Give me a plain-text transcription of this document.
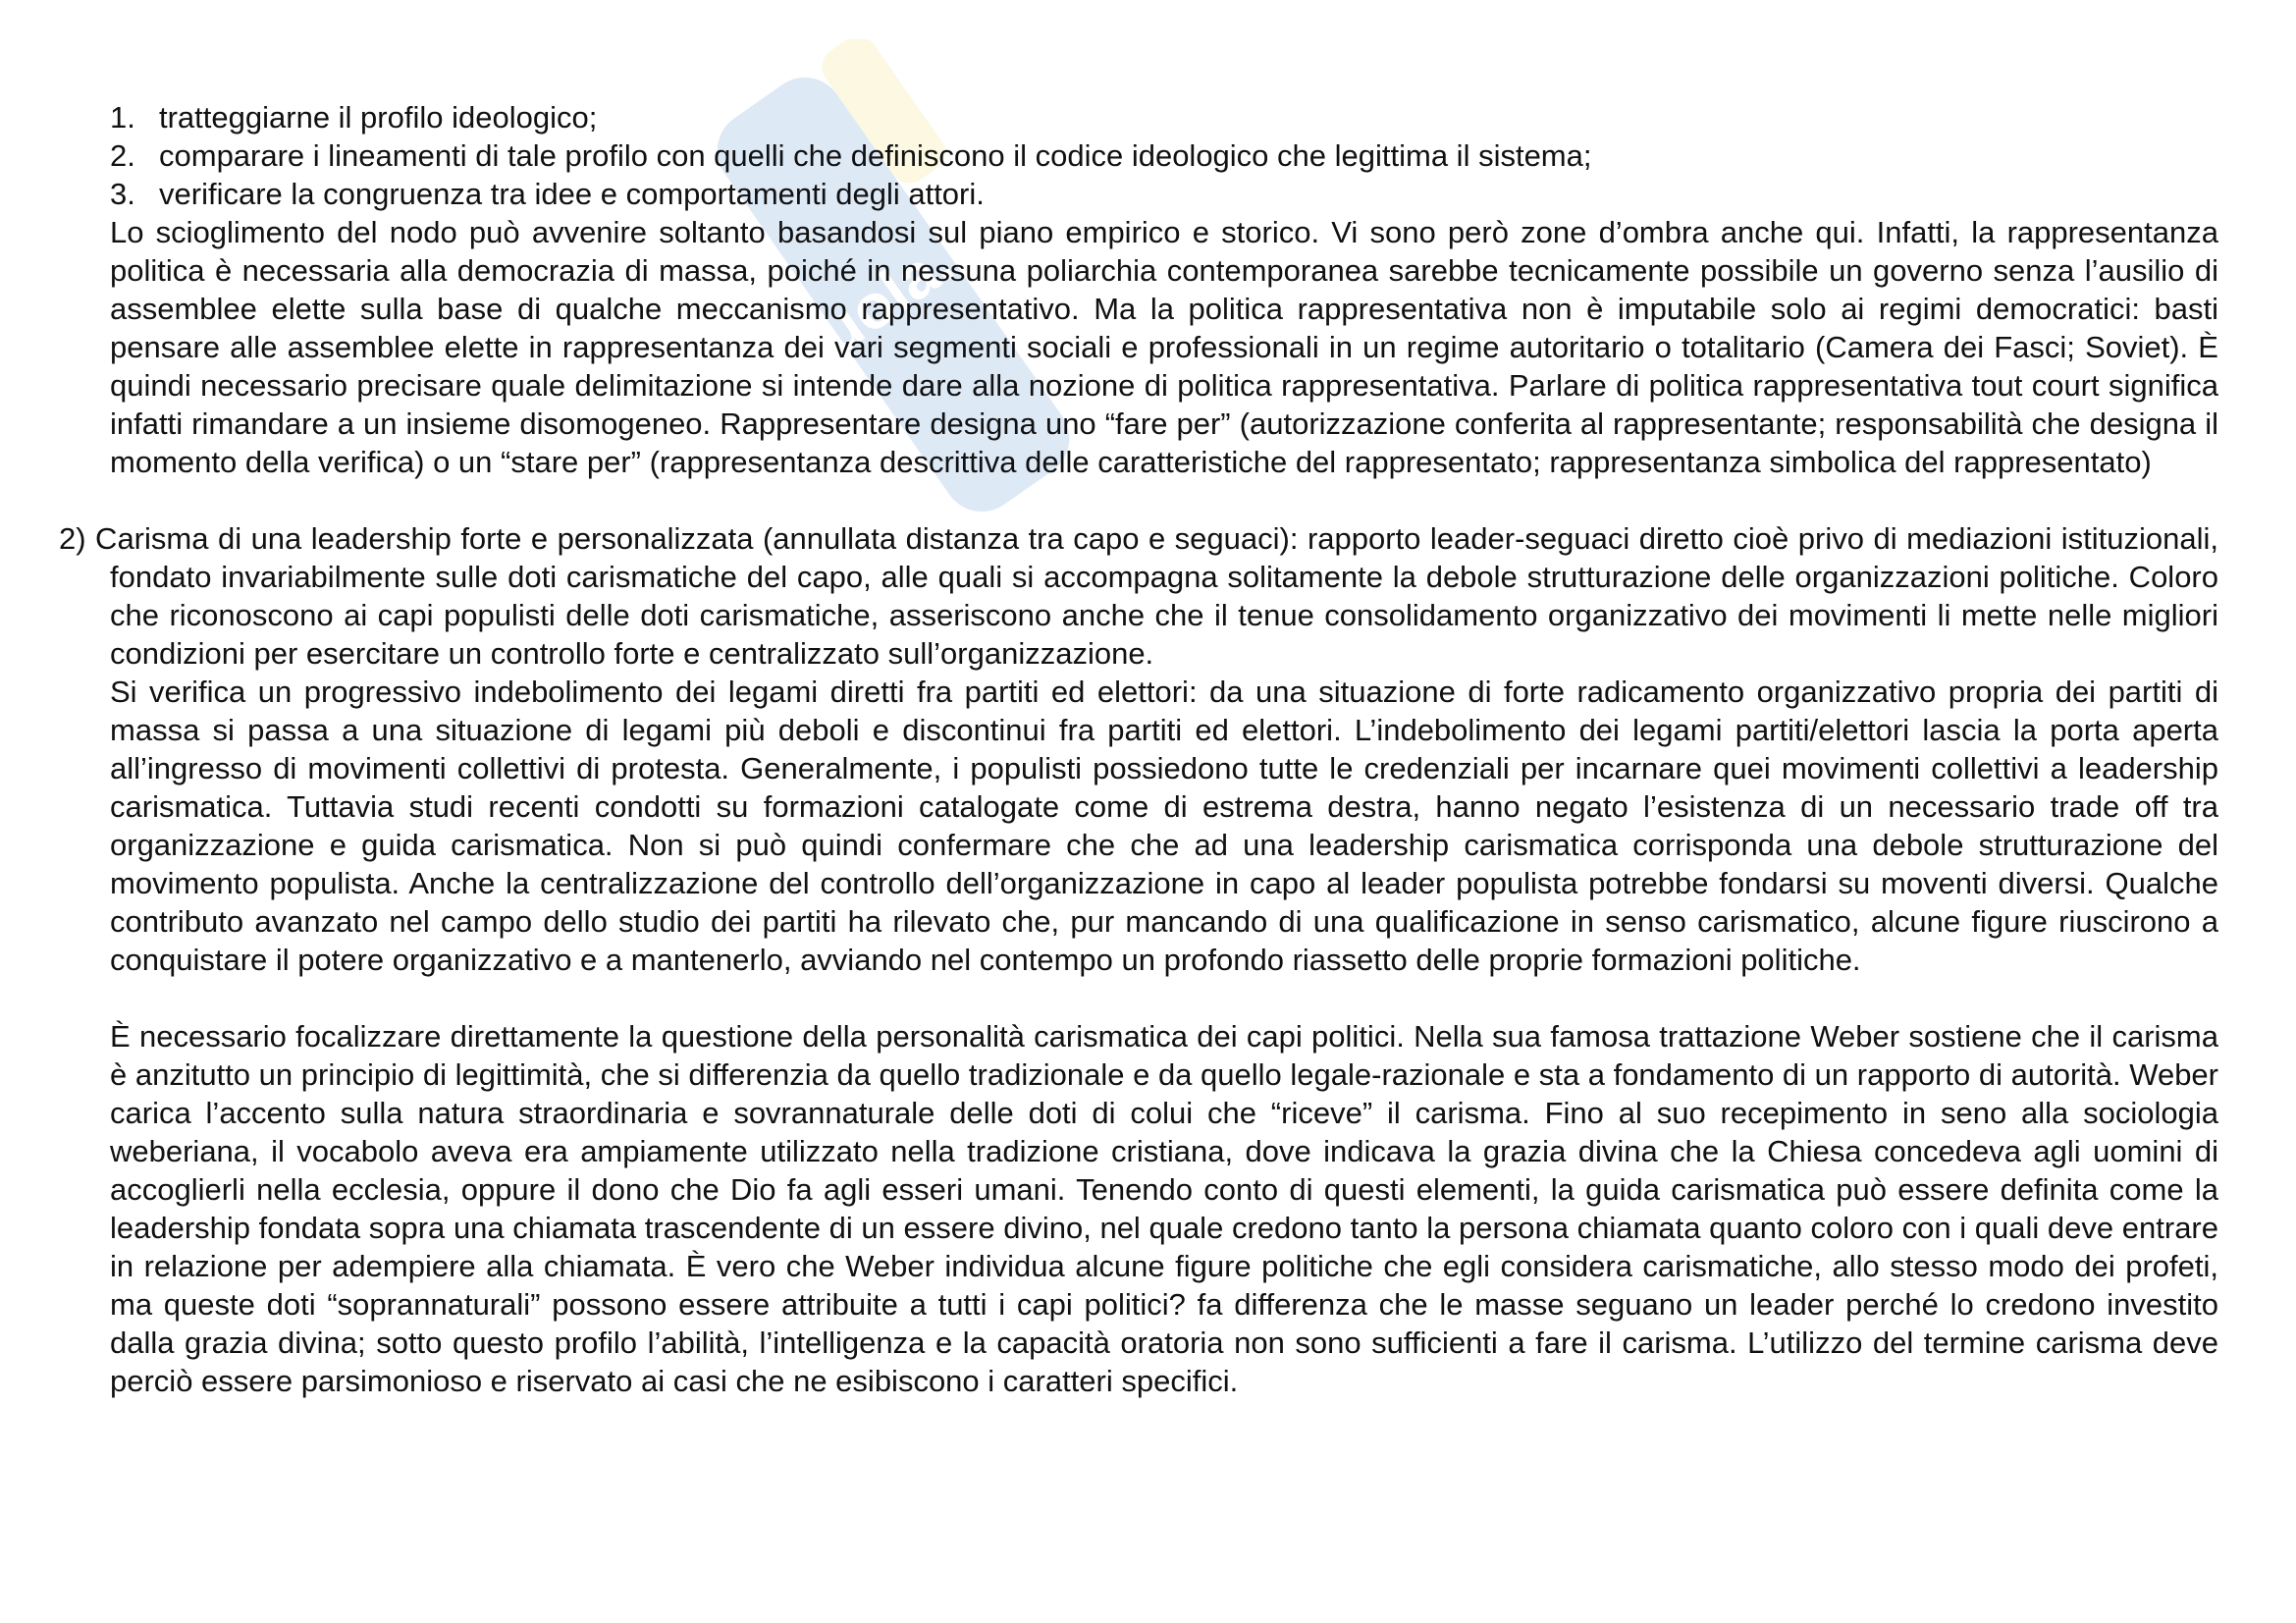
Skuola.net
1. tratteggiarne il profilo ideologico;
2. comparare i lineamenti di tale profilo con quelli che definiscono il codice ideologico che legittima il sistema;
3. verificare la congruenza tra idee e comportamenti degli attori.

Lo scioglimento del nodo può avvenire soltanto basandosi sul piano empirico e storico. Vi sono però zone d’ombra anche qui. Infatti, la rappresentanza politica è necessaria alla democrazia di massa, poiché in nessuna poliarchia contemporanea sarebbe tecnicamente possibile un governo senza l’ausilio di assemblee elette sulla base di qualche meccanismo rappresentativo. Ma la politica rappresentativa non è imputabile solo ai regimi democratici: basti pensare alle assemblee elette in rappresentanza dei vari segmenti sociali e professionali in un regime autoritario o totalitario (Camera dei Fasci; Soviet). È quindi necessario precisare quale delimitazione si intende dare alla nozione di politica rappresentativa. Parlare di politica rappresentativa tout court significa infatti rimandare a un insieme disomogeneo. Rappresentare designa uno “fare per” (autorizzazione conferita al rappresentante; responsabilità che designa il momento della verifica) o un “stare per” (rappresentanza descrittiva delle caratteristiche del rappresentato; rappresentanza simbolica del rappresentato)

2) Carisma di una leadership forte e personalizzata (annullata distanza tra capo e seguaci): rapporto leader-seguaci diretto cioè privo di mediazioni istituzionali, fondato invariabilmente sulle doti carismatiche del capo, alle quali si accompagna solitamente la debole strutturazione delle organizzazioni politiche. Coloro che riconoscono ai capi populisti delle doti carismatiche, asseriscono anche che il tenue consolidamento organizzativo dei movimenti li mette nelle migliori condizioni per esercitare un controllo forte e centralizzato sull’organizzazione.

Si verifica un progressivo indebolimento dei legami diretti fra partiti ed elettori: da una situazione di forte radicamento organizzativo propria dei partiti di massa si passa a una situazione di legami più deboli e discontinui fra partiti ed elettori. L’indebolimento dei legami partiti/elettori lascia la porta aperta all’ingresso di movimenti collettivi di protesta. Generalmente, i populisti possiedono tutte le credenziali per incarnare quei movimenti collettivi a leadership carismatica. Tuttavia studi recenti condotti su formazioni catalogate come di estrema destra, hanno negato l’esistenza di un necessario trade off tra organizzazione e guida carismatica. Non si può quindi confermare che che ad una leadership carismatica corrisponda una debole strutturazione del movimento populista. Anche la centralizzazione del controllo dell’organizzazione in capo al leader populista potrebbe fondarsi su moventi diversi. Qualche contributo avanzato nel campo dello studio dei partiti ha rilevato che, pur mancando di una qualificazione in senso carismatico, alcune figure riuscirono a conquistare il potere organizzativo e a mantenerlo, avviando nel contempo un profondo riassetto delle proprie formazioni politiche.

È necessario focalizzare direttamente la questione della personalità carismatica dei capi politici. Nella sua famosa trattazione Weber sostiene che il carisma è anzitutto un principio di legittimità, che si differenzia da quello tradizionale e da quello legale-razionale e sta a fondamento di un rapporto di autorità. Weber carica l’accento sulla natura straordinaria e sovrannaturale delle doti di colui che “riceve” il carisma. Fino al suo recepimento in seno alla sociologia weberiana, il vocabolo aveva era ampiamente utilizzato nella tradizione cristiana, dove indicava la grazia divina che la Chiesa concedeva agli uomini di accoglierli nella ecclesia, oppure il dono che Dio fa agli esseri umani. Tenendo conto di questi elementi, la guida carismatica può essere definita come la leadership fondata sopra una chiamata trascendente di un essere divino, nel quale credono tanto la persona chiamata quanto coloro con i quali deve entrare in relazione per adempiere alla chiamata. È vero che Weber individua alcune figure politiche che egli considera carismatiche, allo stesso modo dei profeti, ma queste doti “soprannaturali” possono essere attribuite a tutti i capi politici? fa differenza che le masse seguano un leader perché lo credono investito dalla grazia divina; sotto questo profilo l’abilità, l’intelligenza e la capacità oratoria non sono sufficienti a fare il carisma. L’utilizzo del termine carisma deve perciò essere parsimonioso e riservato ai casi che ne esibiscono i caratteri specifici.
